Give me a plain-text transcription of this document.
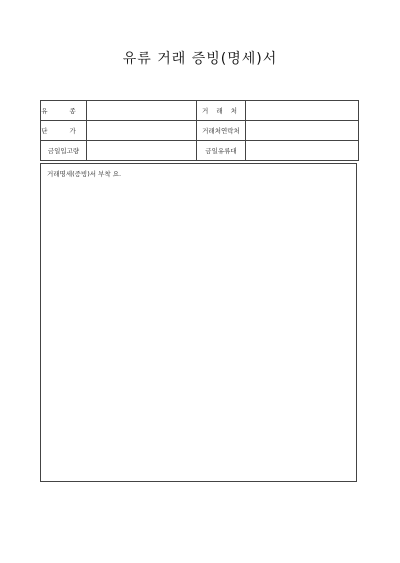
유류 거래 증빙(명세)서
유 종		거 래 처	
단 가		거래처연락처	
금일입고량		금일유류대	
거래명세(증빙)서 부착 요.
